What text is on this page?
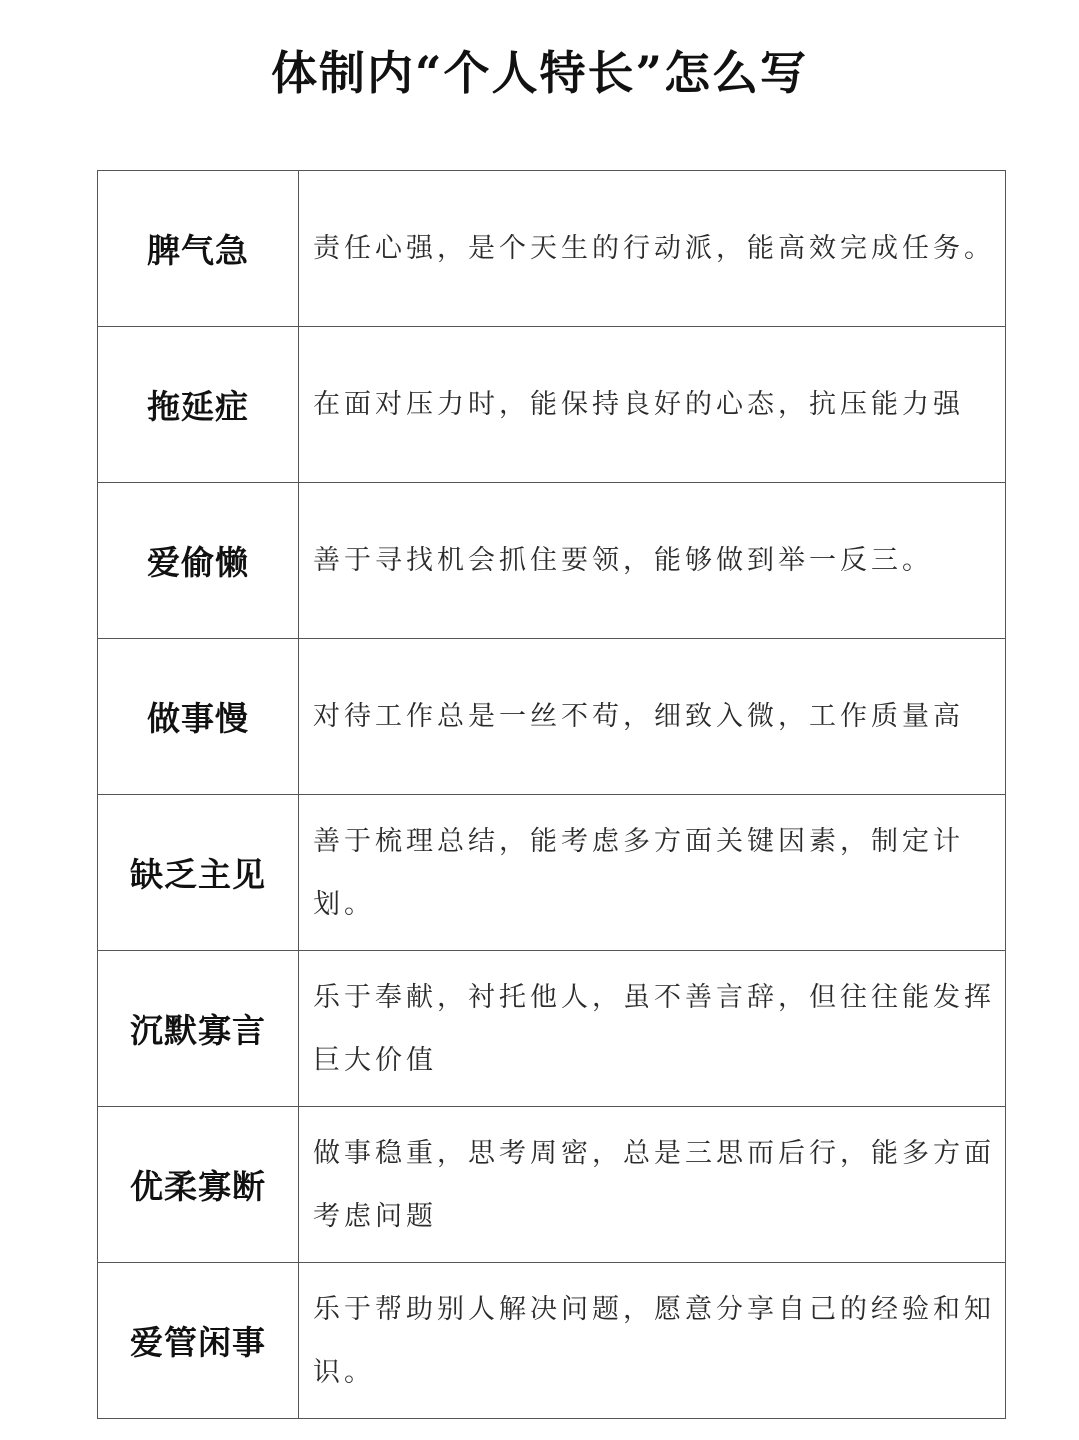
体制内“个人特长”怎么写
脾气急	责任心强，是个天生的行动派，能高效完成任务。
拖延症	在面对压力时，能保持良好的心态，抗压能力强
爱偷懒	善于寻找机会抓住要领，能够做到举一反三。
做事慢	对待工作总是一丝不苟，细致入微，工作质量高
缺乏主见	善于梳理总结，能考虑多方面关键因素，制定计划。
沉默寡言	乐于奉献，衬托他人，虽不善言辞，但往往能发挥巨大价值
优柔寡断	做事稳重，思考周密，总是三思而后行，能多方面考虑问题
爱管闲事	乐于帮助别人解决问题，愿意分享自己的经验和知识。
